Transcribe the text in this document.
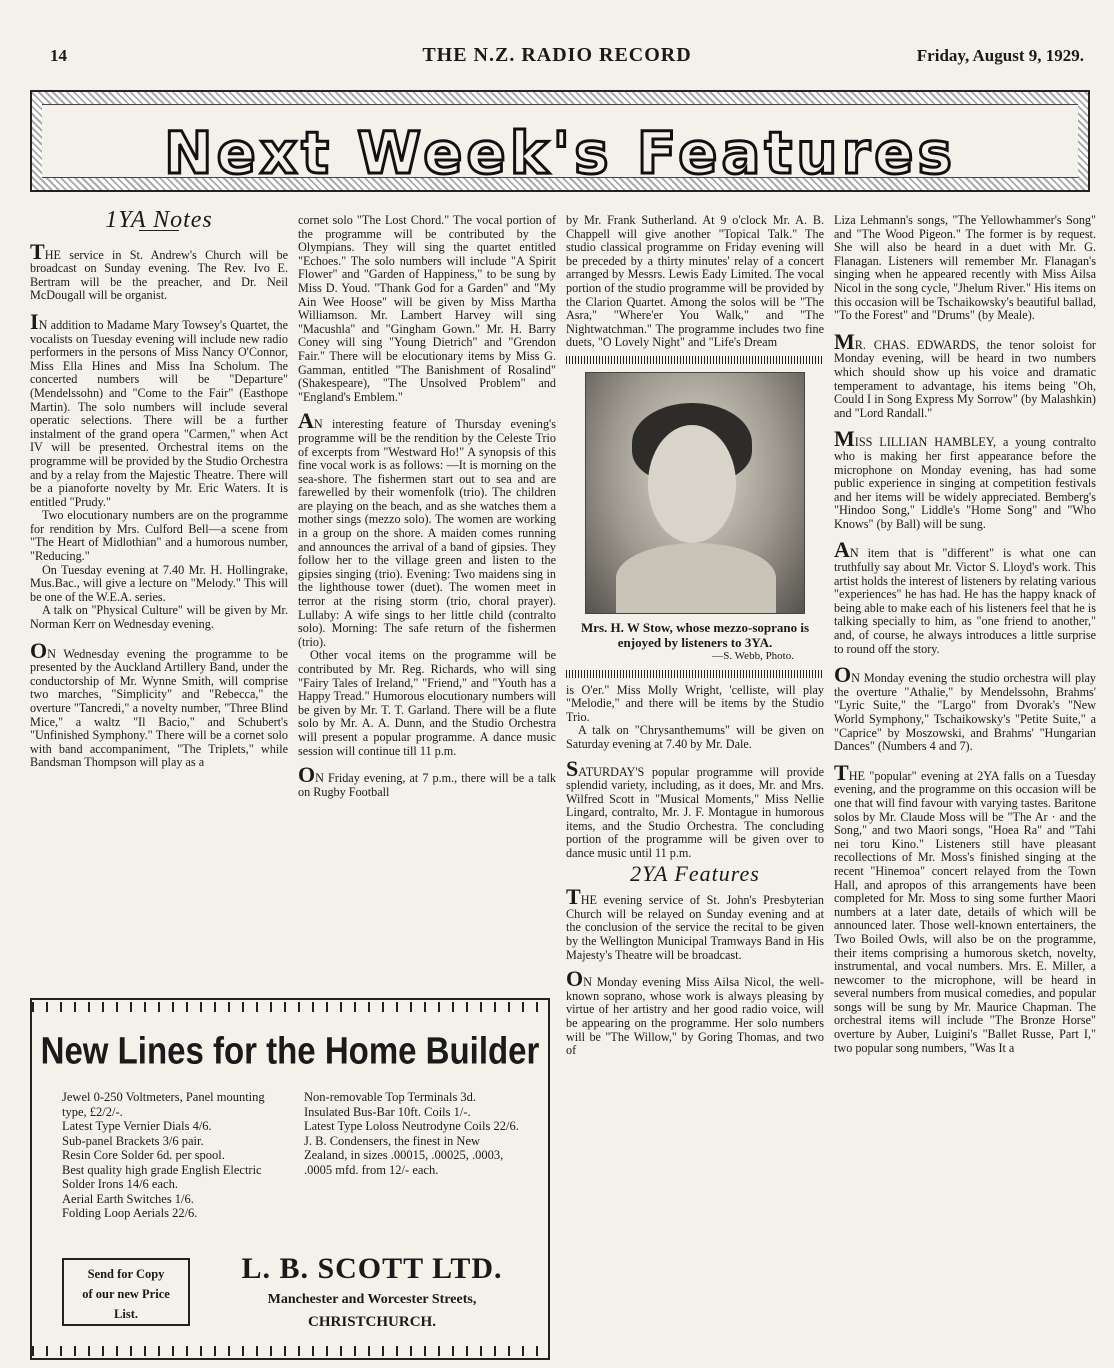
14	THE N.Z. RADIO RECORD	Friday, August 9, 1929.
Next Week's Features
1YA Notes

THE service in St. Andrew's Church will be broadcast on Sunday evening. The Rev. Ivo E. Bertram will be the preacher, and Dr. Neil McDougall will be organist.

IN addition to Madame Mary Towsey's Quartet, the vocalists on Tuesday evening will include new radio performers in the persons of Miss Nancy O'Connor, Miss Ella Hines and Miss Ina Scholum. The concerted numbers will be "Departure" (Mendelssohn) and "Come to the Fair" (Easthope Martin). The solo numbers will include several operatic selections. There will be a further instalment of the grand opera "Carmen," when Act IV will be presented. Orchestral items on the programme will be provided by the Studio Orchestra and by a relay from the Majestic Theatre. There will be a pianoforte novelty by Mr. Eric Waters. It is entitled "Prudy."

Two elocutionary numbers are on the programme for rendition by Mrs. Culford Bell—a scene from "The Heart of Midlothian" and a humorous number, "Reducing."

On Tuesday evening at 7.40 Mr. H. Hollingrake, Mus.Bac., will give a lecture on "Melody." This will be one of the W.E.A. series.

A talk on "Physical Culture" will be given by Mr. Norman Kerr on Wednesday evening.

ON Wednesday evening the programme to be presented by the Auckland Artillery Band, under the conductorship of Mr. Wynne Smith, will comprise two marches, "Simplicity" and "Rebecca," the overture "Tancredi," a novelty number, "Three Blind Mice," a waltz "Il Bacio," and Schubert's "Unfinished Symphony." There will be a cornet solo with band accompaniment, "The Triplets," while Bandsman Thompson will play as a

cornet solo "The Lost Chord." The vocal portion of the programme will be contributed by the Olympians. They will sing the quartet entitled "Echoes." The solo numbers will include "A Spirit Flower" and "Garden of Happiness," to be sung by Miss D. Youd. "Thank God for a Garden" and "My Ain Wee Hoose" will be given by Miss Martha Williamson. Mr. Lambert Harvey will sing "Macushla" and "Gingham Gown." Mr. H. Barry Coney will sing "Young Dietrich" and "Grendon Fair." There will be elocutionary items by Miss G. Gamman, entitled "The Banishment of Rosalind" (Shakespeare), "The Unsolved Problem" and "England's Emblem."

AN interesting feature of Thursday evening's programme will be the rendition by the Celeste Trio of excerpts from "Westward Ho!" A synopsis of this fine vocal work is as follows: —It is morning on the sea-shore. The fishermen start out to sea and are farewelled by their womenfolk (trio). The children are playing on the beach, and as she watches them a mother sings (mezzo solo). The women are working in a group on the shore. A maiden comes running and announces the arrival of a band of gipsies. They follow her to the village green and listen to the gipsies singing (trio). Evening: Two maidens sing in the lighthouse tower (duet). The women meet in terror at the rising storm (trio, choral prayer). Lullaby: A wife sings to her little child (contralto solo). Morning: The safe return of the fishermen (trio).

Other vocal items on the programme will be contributed by Mr. Reg. Richards, who will sing "Fairy Tales of Ireland," "Friend," and "Youth has a Happy Tread." Humorous elocutionary numbers will be given by Mr. T. T. Garland. There will be a flute solo by Mr. A. A. Dunn, and the Studio Orchestra will present a popular programme. A dance music session will continue till 11 p.m.

ON Friday evening, at 7 p.m., there will be a talk on Rugby Football

by Mr. Frank Sutherland. At 9 o'clock Mr. A. B. Chappell will give another "Topical Talk." The studio classical programme on Friday evening will be preceded by a thirty minutes' relay of a concert arranged by Messrs. Lewis Eady Limited. The vocal portion of the studio programme will be provided by the Clarion Quartet. Among the solos will be "The Asra," "Where'er You Walk," and "The Nightwatchman." The programme includes two fine duets, "O Lovely Night" and "Life's Dream

Mrs. H. W Stow, whose mezzo-soprano is enjoyed by listeners to 3YA.
—S. Webb, Photo.

is O'er." Miss Molly Wright, 'celliste, will play "Melodie," and there will be items by the Studio Trio.

A talk on "Chrysanthemums" will be given on Saturday evening at 7.40 by Mr. Dale.

SATURDAY'S popular programme will provide splendid variety, including, as it does, Mr. and Mrs. Wilfred Scott in "Musical Moments," Miss Nellie Lingard, contralto, Mr. J. F. Montague in humorous items, and the Studio Orchestra. The concluding portion of the programme will be given over to dance music until 11 p.m.

2YA Features

THE evening service of St. John's Presbyterian Church will be relayed on Sunday evening and at the conclusion of the service the recital to be given by the Wellington Municipal Tramways Band in His Majesty's Theatre will be broadcast.

ON Monday evening Miss Ailsa Nicol, the well-known soprano, whose work is always pleasing by virtue of her artistry and her good radio voice, will be appearing on the programme. Her solo numbers will be "The Willow," by Goring Thomas, and two of

Liza Lehmann's songs, "The Yellowhammer's Song" and "The Wood Pigeon." The former is by request. She will also be heard in a duet with Mr. G. Flanagan. Listeners will remember Mr. Flanagan's singing when he appeared recently with Miss Ailsa Nicol in the song cycle, "Jhelum River." His items on this occasion will be Tschaikowsky's beautiful ballad, "To the Forest" and "Drums" (by Meale).

MR. CHAS. EDWARDS, the tenor soloist for Monday evening, will be heard in two numbers which should show up his voice and dramatic temperament to advantage, his items being "Oh, Could I in Song Express My Sorrow" (by Malashkin) and "Lord Randall."

MISS LILLIAN HAMBLEY, a young contralto who is making her first appearance before the microphone on Monday evening, has had some public experience in singing at competition festivals and her items will be widely appreciated. Bemberg's "Hindoo Song," Liddle's "Home Song" and "Who Knows" (by Ball) will be sung.

AN item that is "different" is what one can truthfully say about Mr. Victor S. Lloyd's work. This artist holds the interest of listeners by relating various "experiences" he has had. He has the happy knack of being able to make each of his listeners feel that he is talking specially to him, as "one friend to another," and, of course, he always introduces a little surprise to round off the story.

ON Monday evening the studio orchestra will play the overture "Athalie," by Mendelssohn, Brahms' "Lyric Suite," the "Largo" from Dvorak's "New World Symphony," Tschaikowsky's "Petite Suite," a "Caprice" by Moszowski, and Brahms' "Hungarian Dances" (Numbers 4 and 7).

THE "popular" evening at 2YA falls on a Tuesday evening, and the programme on this occasion will be one that will find favour with varying tastes. Baritone solos by Mr. Claude Moss will be "The Ar · and the Song," and two Maori songs, "Hoea Ra" and "Tahi nei toru Kino." Listeners still have pleasant recollections of Mr. Moss's finished singing at the recent "Hinemoa" concert relayed from the Town Hall, and apropos of this arrangements have been completed for Mr. Moss to sing some further Maori numbers at a later date, details of which will be announced later. Those well-known entertainers, the Two Boiled Owls, will also be on the programme, their items comprising a humorous sketch, novelty, instrumental, and vocal numbers. Mrs. E. Miller, a newcomer to the microphone, will be heard in several numbers from musical comedies, and popular songs will be sung by Mr. Maurice Chapman. The orchestral items will include "The Bronze Horse" overture by Auber, Luigini's "Ballet Russe, Part I," two popular song numbers, "Was It a

New Lines for the Home Builder
Jewel 0-250 Voltmeters, Panel mounting type, £2/2/-.
Latest Type Vernier Dials 4/6.
Sub-panel Brackets 3/6 pair.
Resin Core Solder 6d. per spool.
Best quality high grade English Electric Solder Irons 14/6 each.
Aerial Earth Switches 1/6.
Folding Loop Aerials 22/6.
Non-removable Top Terminals 3d.
Insulated Bus-Bar 10ft. Coils 1/-.
Latest Type Loloss Neutrodyne Coils 22/6.
J. B. Condensers, the finest in New Zealand, in sizes .00015, .00025, .0003, .0005 mfd. from 12/- each.
Send for Copy
of our new Price
List.
L. B. SCOTT LTD.
Manchester and Worcester Streets,
CHRISTCHURCH.
